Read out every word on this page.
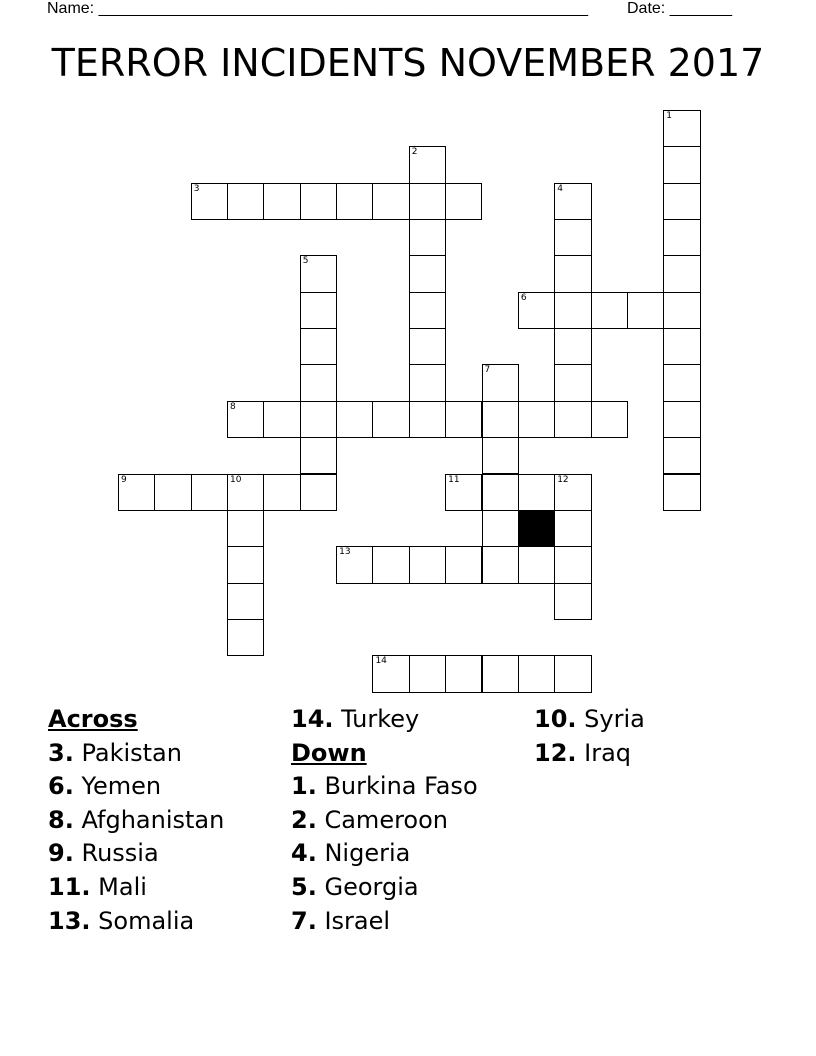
Name: _______________________________________________________ Date: _______
TERROR INCIDENTS NOVEMBER 2017
1
2
3	4
5
6
7
8
9	10	11	12
13
14
Across
3. Pakistan
6. Yemen
8. Afghanistan
9. Russia
11. Mali
13. Somalia
14. Turkey
Down
1. Burkina Faso
2. Cameroon
4. Nigeria
5. Georgia
7. Israel
10. Syria
12. Iraq
